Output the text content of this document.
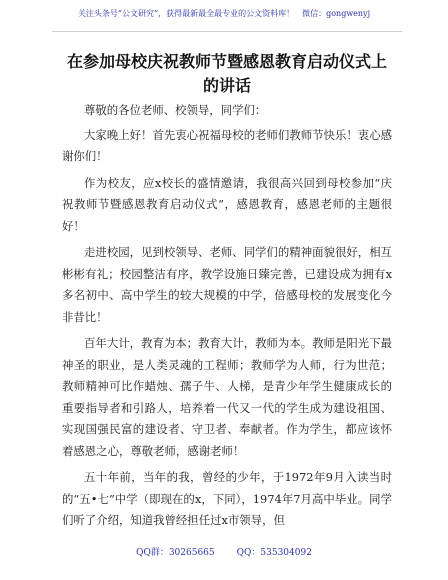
关注头条号“公文研究”，获得最新最全最专业的公文资料库！　微信：gongwenyj
在参加母校庆祝教师节暨感恩教育启动仪式上的讲话

尊敬的各位老师、校领导，同学们：

大家晚上好！首先衷心祝福母校的老师们教师节快乐！衷心感谢你们！

作为校友，应x校长的盛情邀请，我很高兴回到母校参加“庆祝教师节暨感恩教育启动仪式”，感恩教育，感恩老师的主题很好！

走进校园，见到校领导、老师、同学们的精神面貌很好，相互彬彬有礼；校园整洁有序，教学设施日臻完善，已建设成为拥有x多名初中、高中学生的较大规模的中学，倍感母校的发展变化今非昔比！

百年大计，教育为本；教育大计，教师为本。教师是阳光下最神圣的职业，是人类灵魂的工程师；教师学为人师，行为世范；教师精神可比作蜡烛、孺子牛、人梯，是青少年学生健康成长的重要指导者和引路人，培养着一代又一代的学生成为建设祖国、实现国强民富的建设者、守卫者、奉献者。作为学生，都应该怀着感恩之心，尊敬老师，感谢老师！

五十年前，当年的我，曾经的少年，于1972年9月入读当时的“五•七”中学（即现在的x，下同），1974年7月高中毕业。同学们听了介绍，知道我曾经担任过x市领导，但

QQ群：30265665 QQ：535304092
